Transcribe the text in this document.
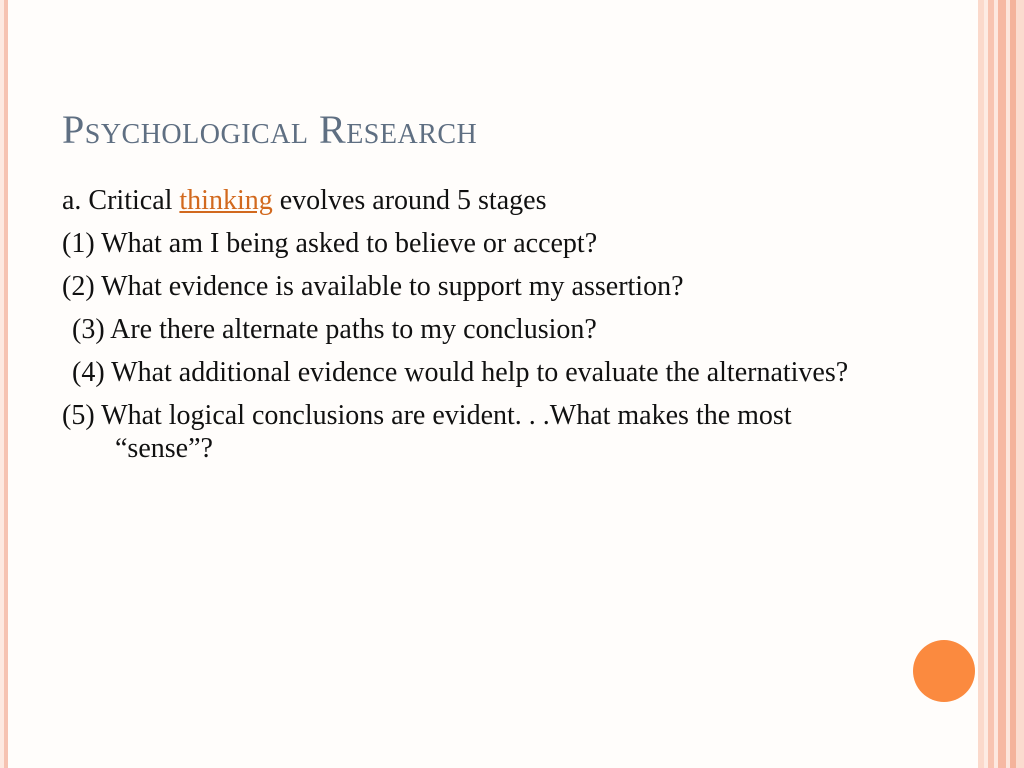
Psychological Research

a. Critical thinking evolves around 5 stages

(1) What am I being asked to believe or accept?

(2) What evidence is available to support my assertion?

(3) Are there alternate paths to my conclusion?

(4) What additional evidence would help to evaluate the alternatives?

(5) What logical conclusions are evident. . .What makes the most “sense”?
